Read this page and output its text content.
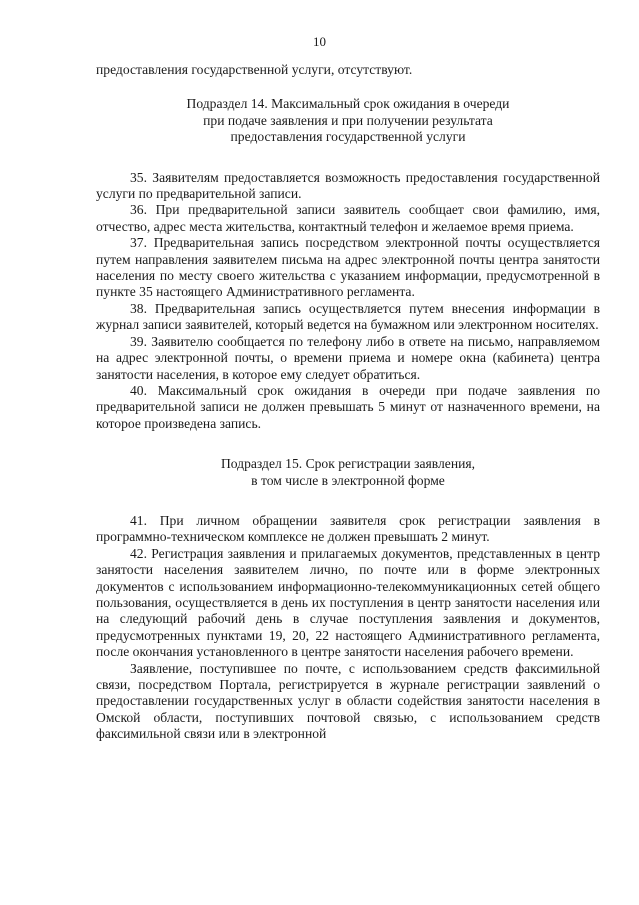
10

предоставления государственной услуги, отсутствуют.

Подраздел 14. Максимальный срок ожидания в очереди

при подаче заявления и при получении результата

предоставления государственной услуги

35. Заявителям предоставляется возможность предоставления государственной услуги по предварительной записи.

36. При предварительной записи заявитель сообщает свои фамилию, имя, отчество, адрес места жительства, контактный телефон и желаемое время приема.

37. Предварительная запись посредством электронной почты осуществляется путем направления заявителем письма на адрес электронной почты центра занятости населения по месту своего жительства с указанием информации, предусмотренной в пункте 35 настоящего Административного регламента.

38. Предварительная запись осуществляется путем внесения информации в журнал записи заявителей, который ведется на бумажном или электронном носителях.

39. Заявителю сообщается по телефону либо в ответе на письмо, направляемом на адрес электронной почты, о времени приема и номере окна (кабинета) центра занятости населения, в которое ему следует обратиться.

40. Максимальный срок ожидания в очереди при подаче заявления по предварительной записи не должен превышать 5 минут от назначенного времени, на которое произведена запись.

Подраздел 15. Срок регистрации заявления,

в том числе в электронной форме

41. При личном обращении заявителя срок регистрации заявления в программно-техническом комплексе не должен превышать 2 минут.

42. Регистрация заявления и прилагаемых документов, представленных в центр занятости населения заявителем лично, по почте или в форме электронных документов с использованием информационно-телекоммуникационных сетей общего пользования, осуществляется в день их поступления в центр занятости населения или на следующий рабочий день в случае поступления заявления и документов, предусмотренных пунктами 19, 20, 22 настоящего Административного регламента, после окончания установленного в центре занятости населения рабочего времени.

Заявление, поступившее по почте, с использованием средств факсимильной связи, посредством Портала, регистрируется в журнале регистрации заявлений о предоставлении государственных услуг в области содействия занятости населения в Омской области, поступивших почтовой связью, с использованием средств факсимильной связи или в электронной
